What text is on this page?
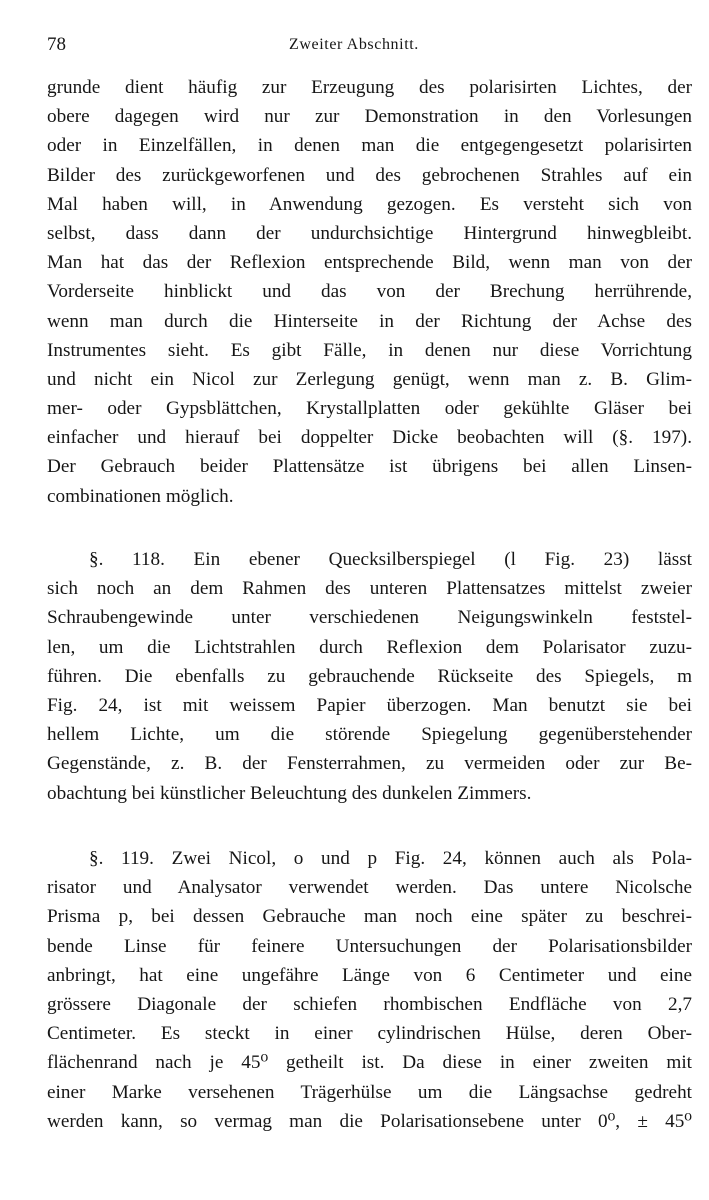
78	Zweiter Abschnitt.
grunde dient häufig zur Erzeugung des polarisirten Lichtes, der
obere dagegen wird nur zur Demonstration in den Vorlesungen
oder in Einzelfällen, in denen man die entgegengesetzt polarisirten
Bilder des zurückgeworfenen und des gebrochenen Strahles auf ein
Mal haben will, in Anwendung gezogen. Es versteht sich von
selbst, dass dann der undurchsichtige Hintergrund hinwegbleibt.
Man hat das der Reflexion entsprechende Bild, wenn man von der
Vorderseite hinblickt und das von der Brechung herrührende,
wenn man durch die Hinterseite in der Richtung der Achse des
Instrumentes sieht. Es gibt Fälle, in denen nur diese Vorrichtung
und nicht ein Nicol zur Zerlegung genügt, wenn man z. B. Glim-
mer- oder Gypsblättchen, Krystallplatten oder gekühlte Gläser bei
einfacher und hierauf bei doppelter Dicke beobachten will (§. 197).
Der Gebrauch beider Plattensätze ist übrigens bei allen Linsen-
combinationen möglich.
§. 118. Ein ebener Quecksilberspiegel (l Fig. 23) lässt
sich noch an dem Rahmen des unteren Plattensatzes mittelst zweier
Schraubengewinde unter verschiedenen Neigungswinkeln feststel-
len, um die Lichtstrahlen durch Reflexion dem Polarisator zuzu-
führen. Die ebenfalls zu gebrauchende Rückseite des Spiegels, m
Fig. 24, ist mit weissem Papier überzogen. Man benutzt sie bei
hellem Lichte, um die störende Spiegelung gegenüberstehender
Gegenstände, z. B. der Fensterrahmen, zu vermeiden oder zur Be-
obachtung bei künstlicher Beleuchtung des dunkelen Zimmers.
§. 119. Zwei Nicol, o und p Fig. 24, können auch als Pola-
risator und Analysator verwendet werden. Das untere Nicolsche
Prisma p, bei dessen Gebrauche man noch eine später zu beschrei-
bende Linse für feinere Untersuchungen der Polarisationsbilder
anbringt, hat eine ungefähre Länge von 6 Centimeter und eine
grössere Diagonale der schiefen rhombischen Endfläche von 2,7
Centimeter. Es steckt in einer cylindrischen Hülse, deren Ober-
flächenrand nach je 45⁰ getheilt ist. Da diese in einer zweiten mit
einer Marke versehenen Trägerhülse um die Längsachse gedreht
werden kann, so vermag man die Polarisationsebene unter 0⁰, ± 45⁰
